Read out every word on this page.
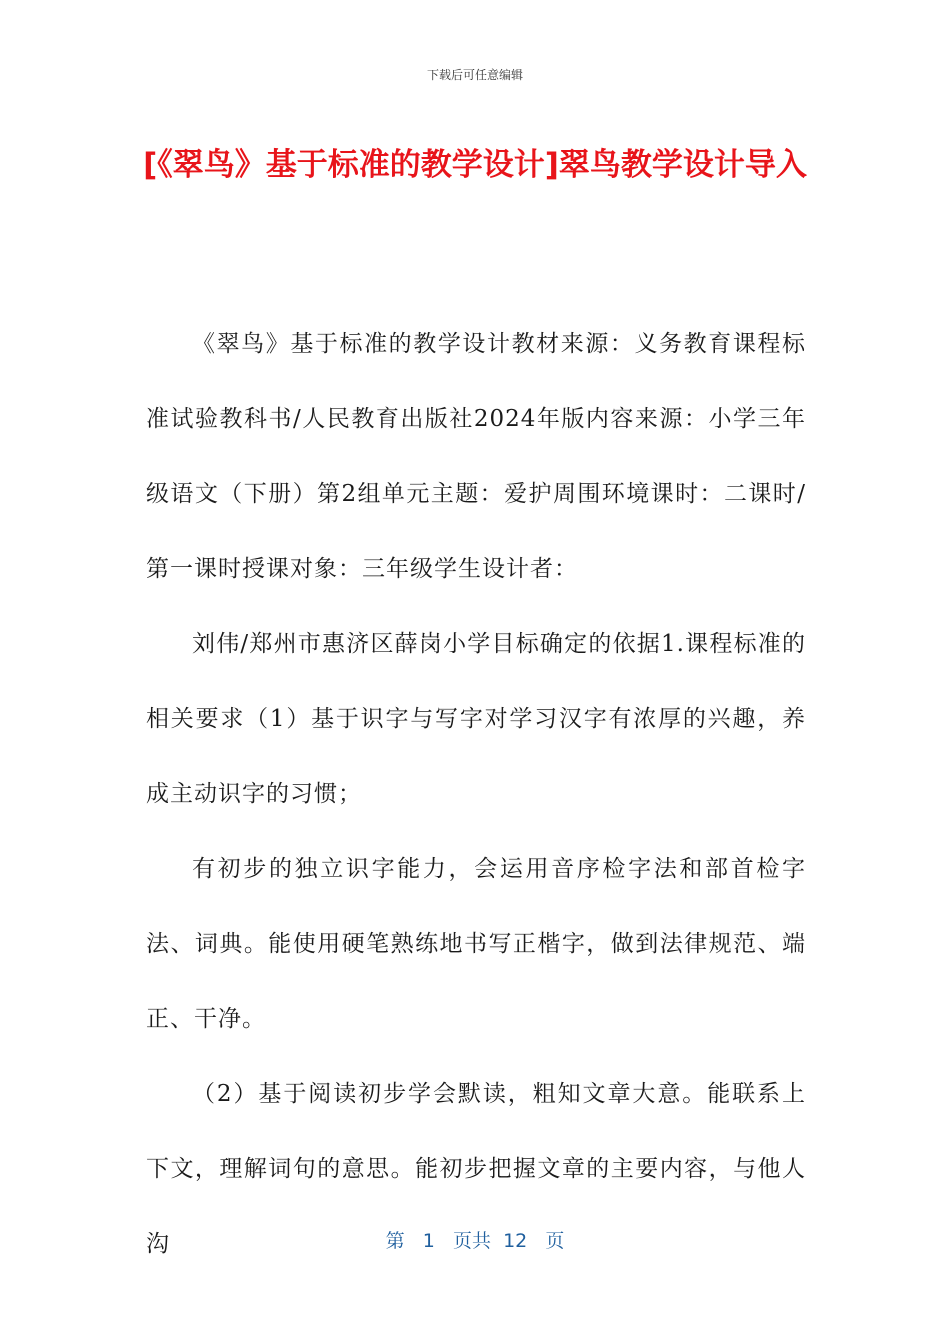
下载后可任意编辑
[《翠鸟》基于标准的教学设计]翠鸟教学设计导入

《翠鸟》基于标准的教学设计教材来源：义务教育课程标准试验教科书/人民教育出版社2024年版内容来源：小学三年级语文（下册）第2组单元主题：爱护周围环境课时：二课时/第一课时授课对象：三年级学生设计者：

刘伟/郑州市惠济区薛岗小学目标确定的依据1.课程标准的相关要求（1）基于识字与写字对学习汉字有浓厚的兴趣，养成主动识字的习惯；

有初步的独立识字能力，会运用音序检字法和部首检字法、词典。能使用硬笔熟练地书写正楷字，做到法律规范、端正、干净。

（2）基于阅读初步学会默读，粗知文章大意。能联系上下文，理解词句的意思。能初步把握文章的主要内容，与他人沟	第 1 页共 12 页
